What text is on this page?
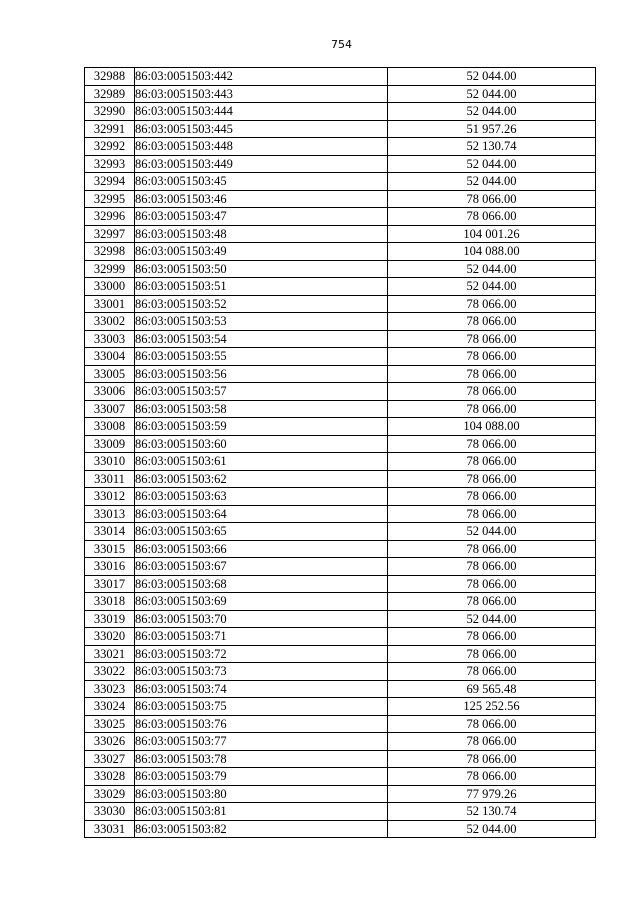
754
32988	86:03:0051503:442	52 044.00
32989	86:03:0051503:443	52 044.00
32990	86:03:0051503:444	52 044.00
32991	86:03:0051503:445	51 957.26
32992	86:03:0051503:448	52 130.74
32993	86:03:0051503:449	52 044.00
32994	86:03:0051503:45	52 044.00
32995	86:03:0051503:46	78 066.00
32996	86:03:0051503:47	78 066.00
32997	86:03:0051503:48	104 001.26
32998	86:03:0051503:49	104 088.00
32999	86:03:0051503:50	52 044.00
33000	86:03:0051503:51	52 044.00
33001	86:03:0051503:52	78 066.00
33002	86:03:0051503:53	78 066.00
33003	86:03:0051503:54	78 066.00
33004	86:03:0051503:55	78 066.00
33005	86:03:0051503:56	78 066.00
33006	86:03:0051503:57	78 066.00
33007	86:03:0051503:58	78 066.00
33008	86:03:0051503:59	104 088.00
33009	86:03:0051503:60	78 066.00
33010	86:03:0051503:61	78 066.00
33011	86:03:0051503:62	78 066.00
33012	86:03:0051503:63	78 066.00
33013	86:03:0051503:64	78 066.00
33014	86:03:0051503:65	52 044.00
33015	86:03:0051503:66	78 066.00
33016	86:03:0051503:67	78 066.00
33017	86:03:0051503:68	78 066.00
33018	86:03:0051503:69	78 066.00
33019	86:03:0051503:70	52 044.00
33020	86:03:0051503:71	78 066.00
33021	86:03:0051503:72	78 066.00
33022	86:03:0051503:73	78 066.00
33023	86:03:0051503:74	69 565.48
33024	86:03:0051503:75	125 252.56
33025	86:03:0051503:76	78 066.00
33026	86:03:0051503:77	78 066.00
33027	86:03:0051503:78	78 066.00
33028	86:03:0051503:79	78 066.00
33029	86:03:0051503:80	77 979.26
33030	86:03:0051503:81	52 130.74
33031	86:03:0051503:82	52 044.00
